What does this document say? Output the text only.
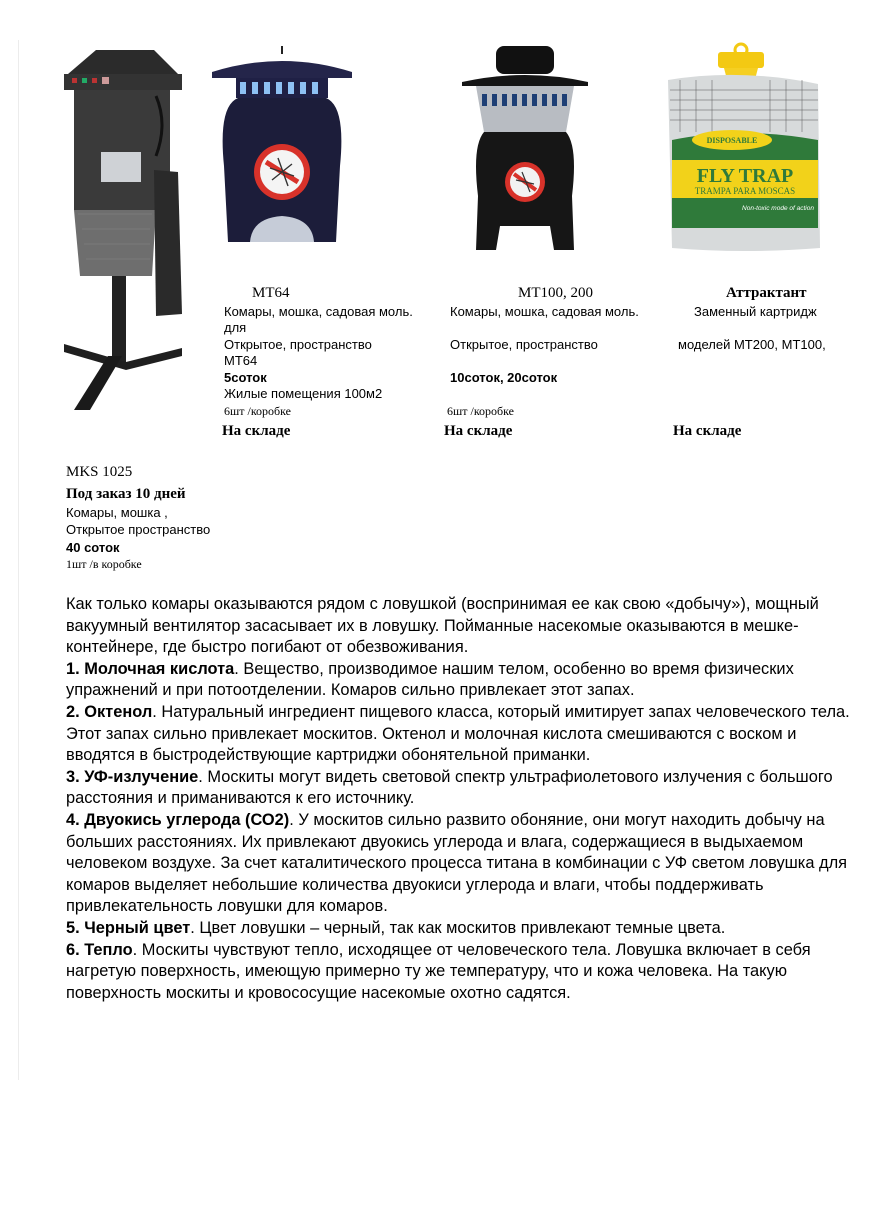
FLY TRAP
TRAMPA PARA MOSCAS
DISPOSABLE
Non-toxic mode of action
MT64
Комары, мошка, садовая моль.
для
Открытое, пространство
МТ64
5соток
Жилые помещения 100м2
6шт /коробке
На складе
MT100, 200
Комары, мошка, садовая моль.
Открытое, пространство
10соток, 20соток
6шт /коробке
На складе
Аттрактант
Заменный картридж
моделей МТ200, МТ100,
На складе
MKS 1025
Под заказ 10 дней
Комары, мошка ,
Открытое пространство
40 соток
1шт /в коробке

Как только комары оказываются рядом с ловушкой (воспринимая ее как свою «добычу»), мощный вакуумный вентилятор засасывает их в ловушку. Пойманные насекомые оказываются в мешке-контейнере, где быстро погибают от обезвоживания.

1. Молочная кислота. Вещество, производимое нашим телом, особенно во время физических упражнений и при потоотделении. Комаров сильно привлекает этот запах.

2. Октенол. Натуральный ингредиент пищевого класса, который имитирует запах человеческого тела. Этот запах сильно привлекает москитов. Октенол и молочная кислота смешиваются с воском и вводятся в быстродействующие картриджи обонятельной приманки.

3. УФ-излучение. Москиты могут видеть световой спектр ультрафиолетового излучения с большого расстояния и приманиваются к его источнику.

4. Двуокись углерода (СО2). У москитов сильно развито обоняние, они могут находить добычу на больших расстояниях. Их привлекают двуокись углерода и влага, содержащиеся в выдыхаемом человеком воздухе. За счет каталитического процесса титана в комбинации с УФ светом ловушка для комаров выделяет небольшие количества двуокиси углерода и влаги, чтобы поддерживать привлекательность ловушки для комаров.

5. Черный цвет. Цвет ловушки – черный, так как москитов привлекают темные цвета.

6. Тепло. Москиты чувствуют тепло, исходящее от человеческого тела. Ловушка включает в себя нагретую поверхность, имеющую примерно ту же температуру, что и кожа человека. На такую поверхность москиты и кровососущие насекомые охотно садятся.
